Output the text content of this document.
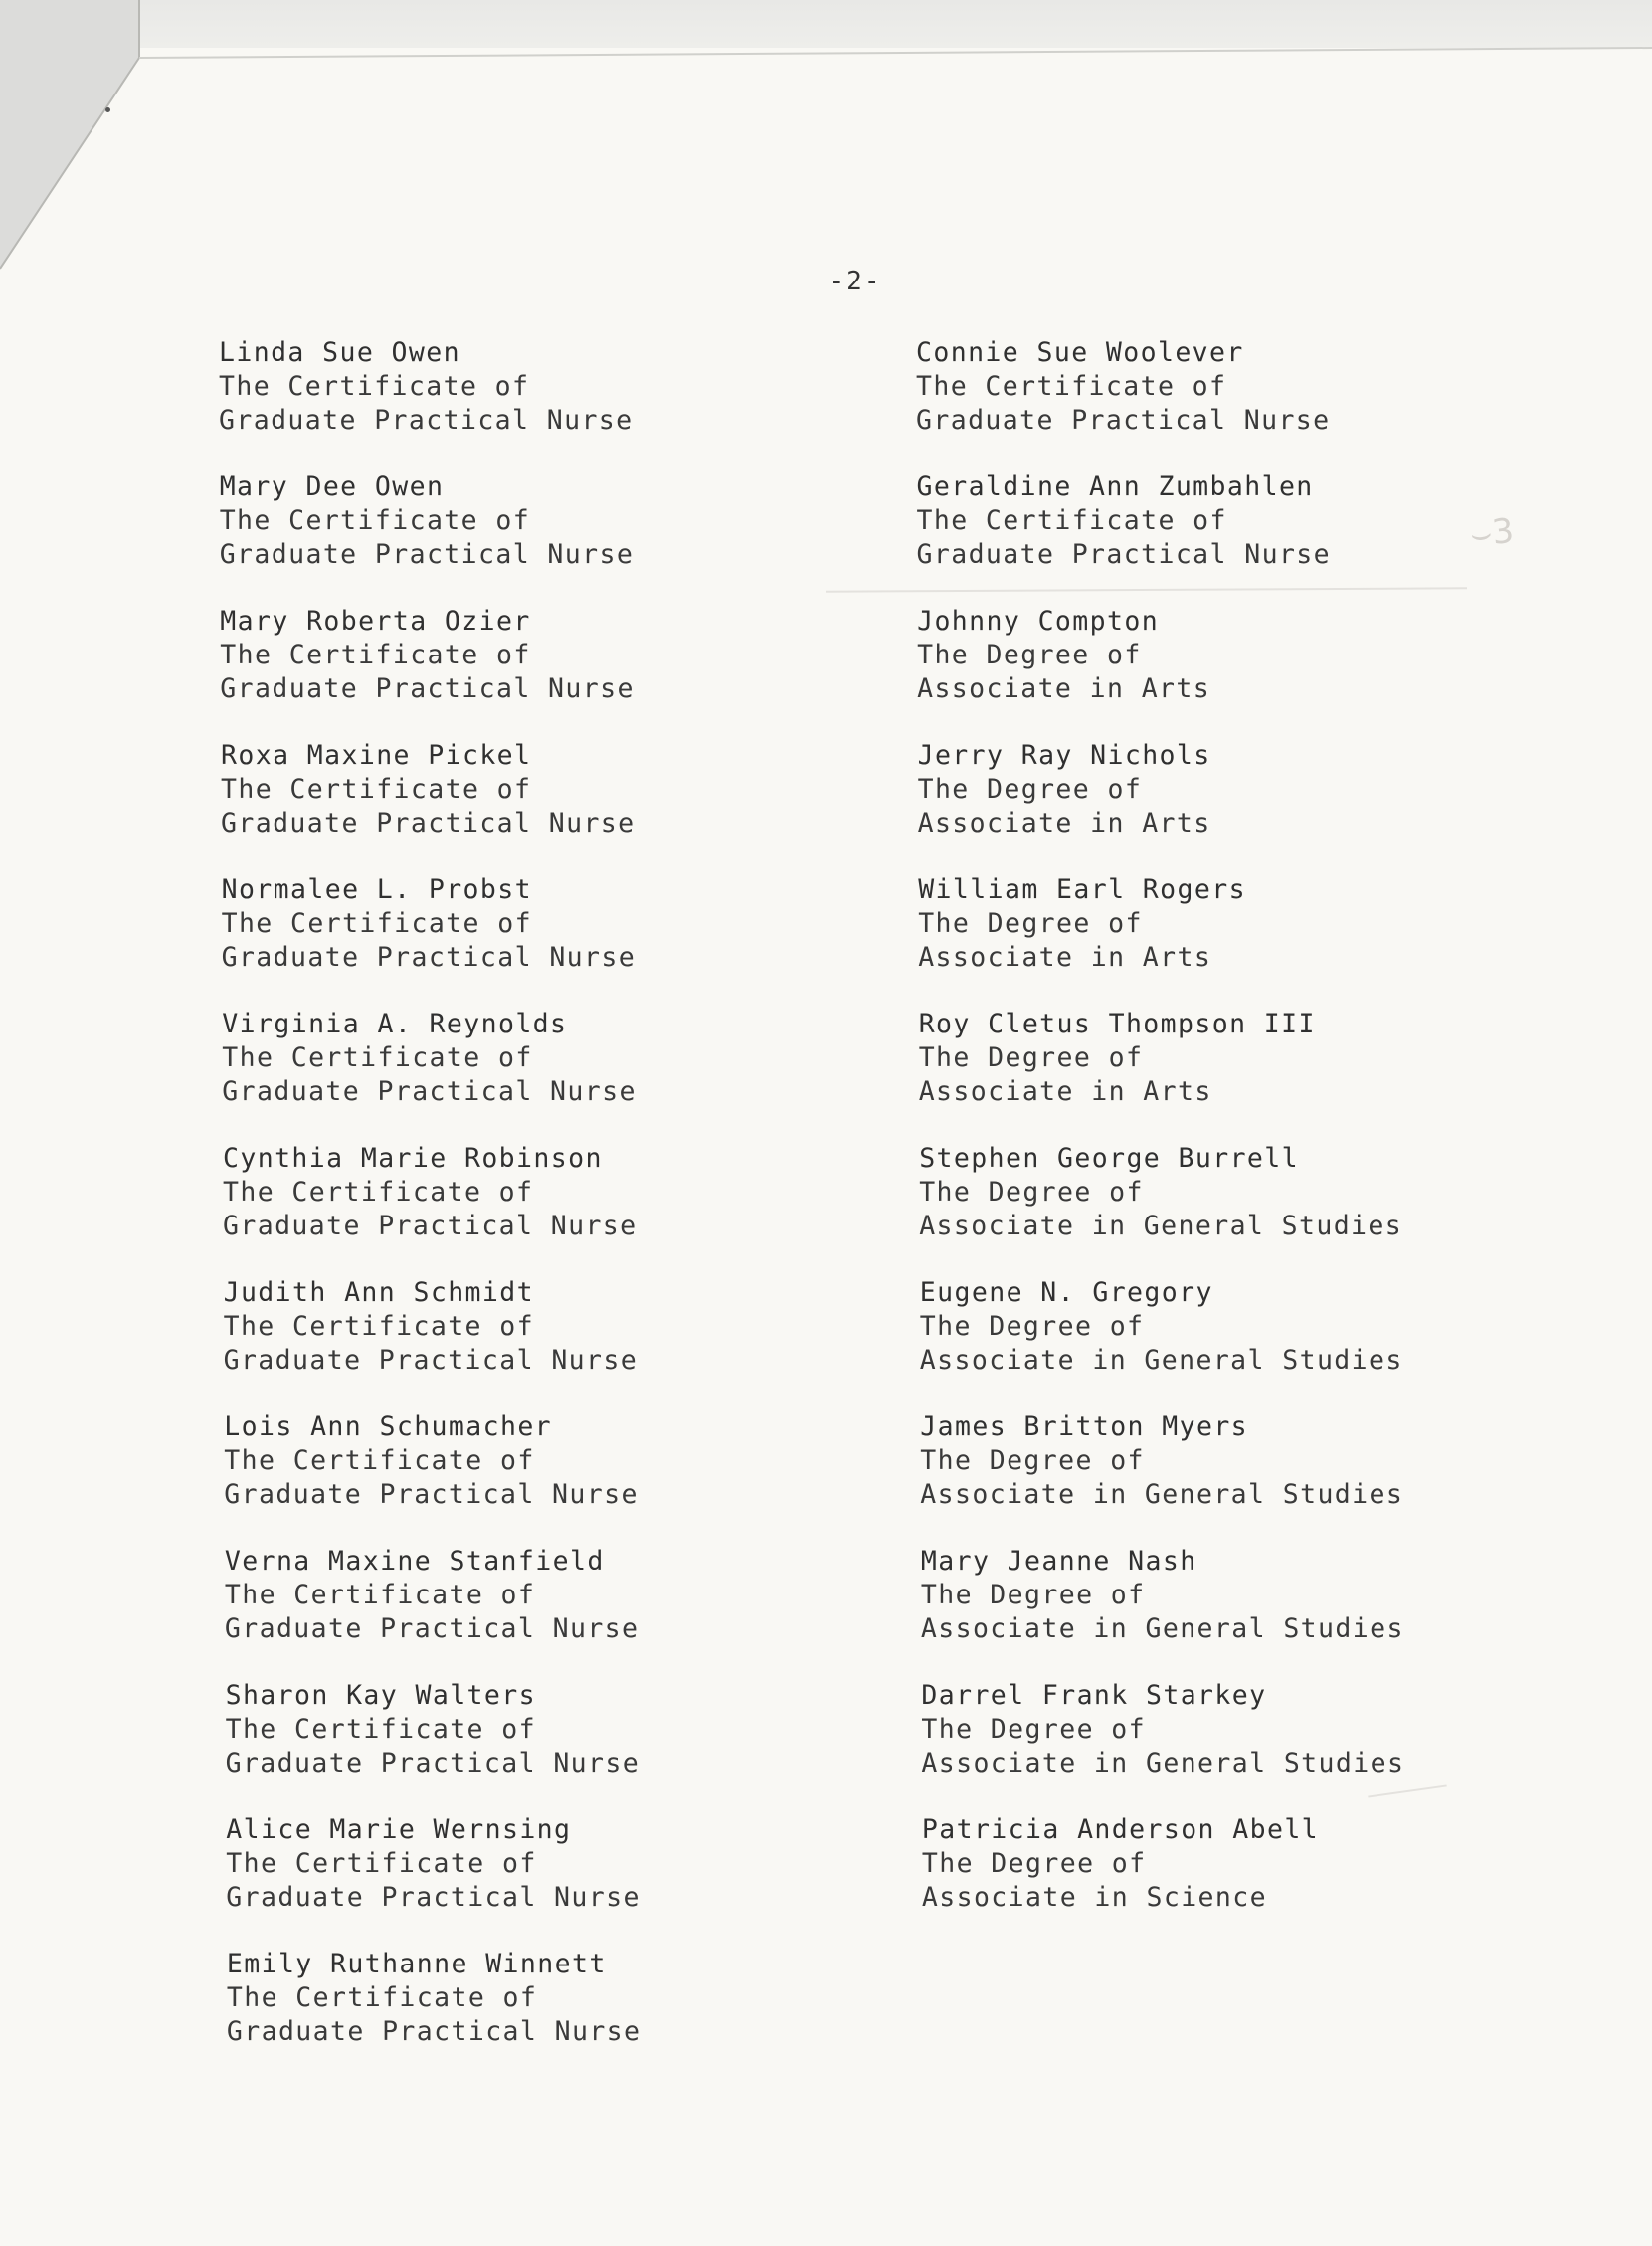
-2-
Linda Sue Owen
The Certificate of
Graduate Practical Nurse
Mary Dee Owen
The Certificate of
Graduate Practical Nurse
Mary Roberta Ozier
The Certificate of
Graduate Practical Nurse
Roxa Maxine Pickel
The Certificate of
Graduate Practical Nurse
Normalee L. Probst
The Certificate of
Graduate Practical Nurse
Virginia A. Reynolds
The Certificate of
Graduate Practical Nurse
Cynthia Marie Robinson
The Certificate of
Graduate Practical Nurse
Judith Ann Schmidt
The Certificate of
Graduate Practical Nurse
Lois Ann Schumacher
The Certificate of
Graduate Practical Nurse
Verna Maxine Stanfield
The Certificate of
Graduate Practical Nurse
Sharon Kay Walters
The Certificate of
Graduate Practical Nurse
Alice Marie Wernsing
The Certificate of
Graduate Practical Nurse
Emily Ruthanne Winnett
The Certificate of
Graduate Practical Nurse
Connie Sue Woolever
The Certificate of
Graduate Practical Nurse
Geraldine Ann Zumbahlen
The Certificate of
Graduate Practical Nurse
Johnny Compton
The Degree of
Associate in Arts
Jerry Ray Nichols
The Degree of
Associate in Arts
William Earl Rogers
The Degree of
Associate in Arts
Roy Cletus Thompson III
The Degree of
Associate in Arts
Stephen George Burrell
The Degree of
Associate in General Studies
Eugene N. Gregory
The Degree of
Associate in General Studies
James Britton Myers
The Degree of
Associate in General Studies
Mary Jeanne Nash
The Degree of
Associate in General Studies
Darrel Frank Starkey
The Degree of
Associate in General Studies
Patricia Anderson Abell
The Degree of
Associate in Science
⌣3
